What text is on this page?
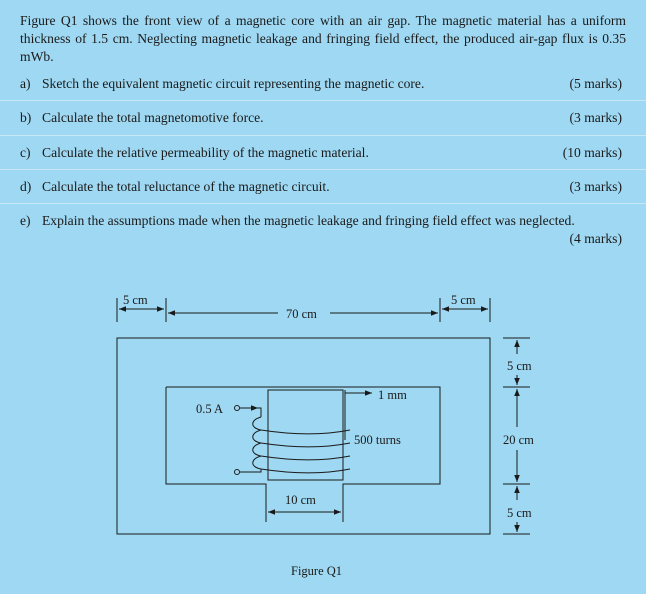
Figure Q1 shows the front view of a magnetic core with an air gap. The magnetic material has a uniform thickness of 1.5 cm. Neglecting magnetic leakage and fringing field effect, the produced air-gap flux is 0.35 mWb.
a) Sketch the equivalent magnetic circuit representing the magnetic core.	(5 marks)
b) Calculate the total magnetomotive force.	(3 marks)
c) Calculate the relative permeability of the magnetic material.	(10 marks)
d) Calculate the total reluctance of the magnetic circuit.	(3 marks)
e) Explain the assumptions made when the magnetic leakage and fringing field effect was neglected.
(4 marks)
5 cm
70 cm
5 cm
5 cm
20 cm
5 cm
1 mm
0.5 A
500 turns
10 cm
Figure Q1
